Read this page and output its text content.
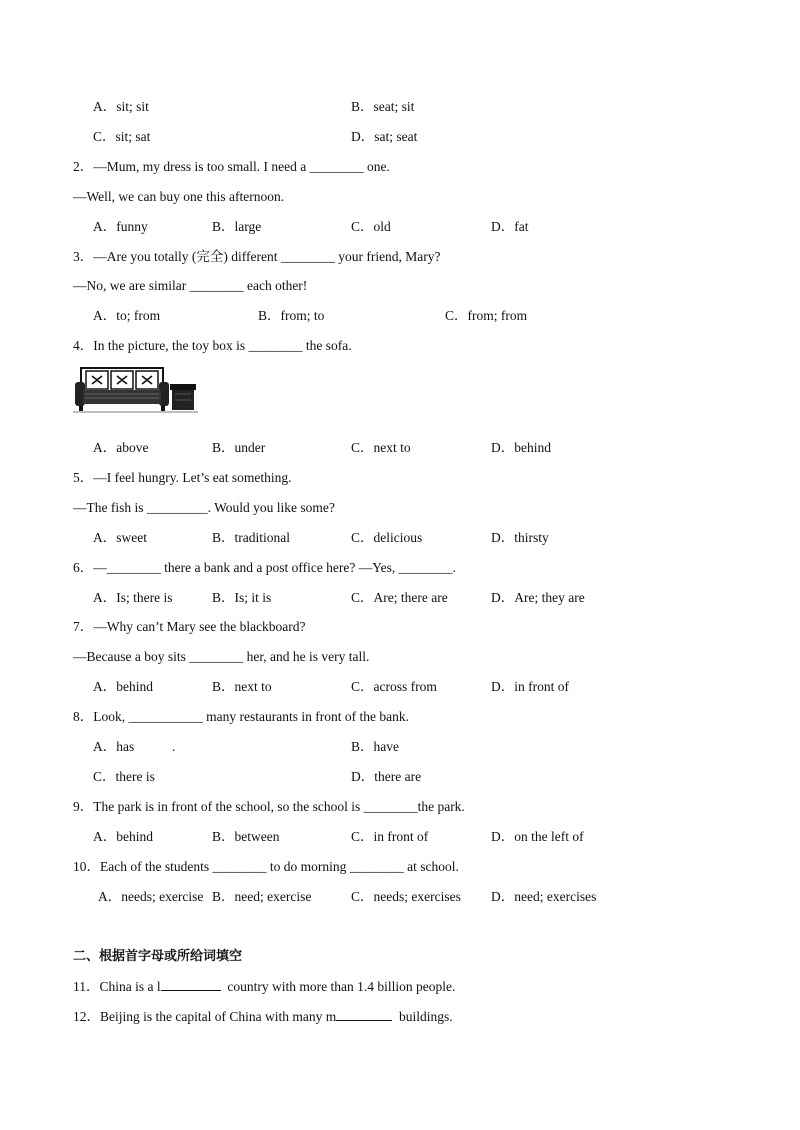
A．sit; sit	B．seat; sit
C．sit; sat	D．sat; seat
2．—Mum, my dress is too small. I need a ________ one.
—Well, we can buy one this afternoon.
A．funny	B．large	C．old	D．fat
3．—Are you totally (完全) different ________ your friend, Mary?
—No, we are similar ________ each other!
A．to; from	B．from; to	C．from; from
4．In the picture, the toy box is ________ the sofa.
A．above	B．under	C．next to	D．behind
5．—I feel hungry. Let’s eat something.
—The fish is _________. Would you like some?
A．sweet	B．traditional	C．delicious	D．thirsty
6．—________ there a bank and a post office here? —Yes, ________.
A．Is; there is	B．Is; it is	C．Are; there are	D．Are; they are
7．—Why can’t Mary see the blackboard?
—Because a boy sits ________ her, and he is very tall.
A．behind	B．next to	C．across from	D．in front of
8．Look, ___________ many restaurants in front of the bank.
A．has	.	B．have
C．there is	D．there are
9．The park is in front of the school, so the school is ________the park.
A．behind	B．between	C．in front of	D．on the left of
10．Each of the students ________ to do morning ________ at school.
A．needs; exercise B．need; exercise	C．needs; exercises D．need; exercises
二、根据首字母或所给词填空
11．China is a l	country with more than 1.4 billion people.
12．Beijing is the capital of China with many m	buildings.
